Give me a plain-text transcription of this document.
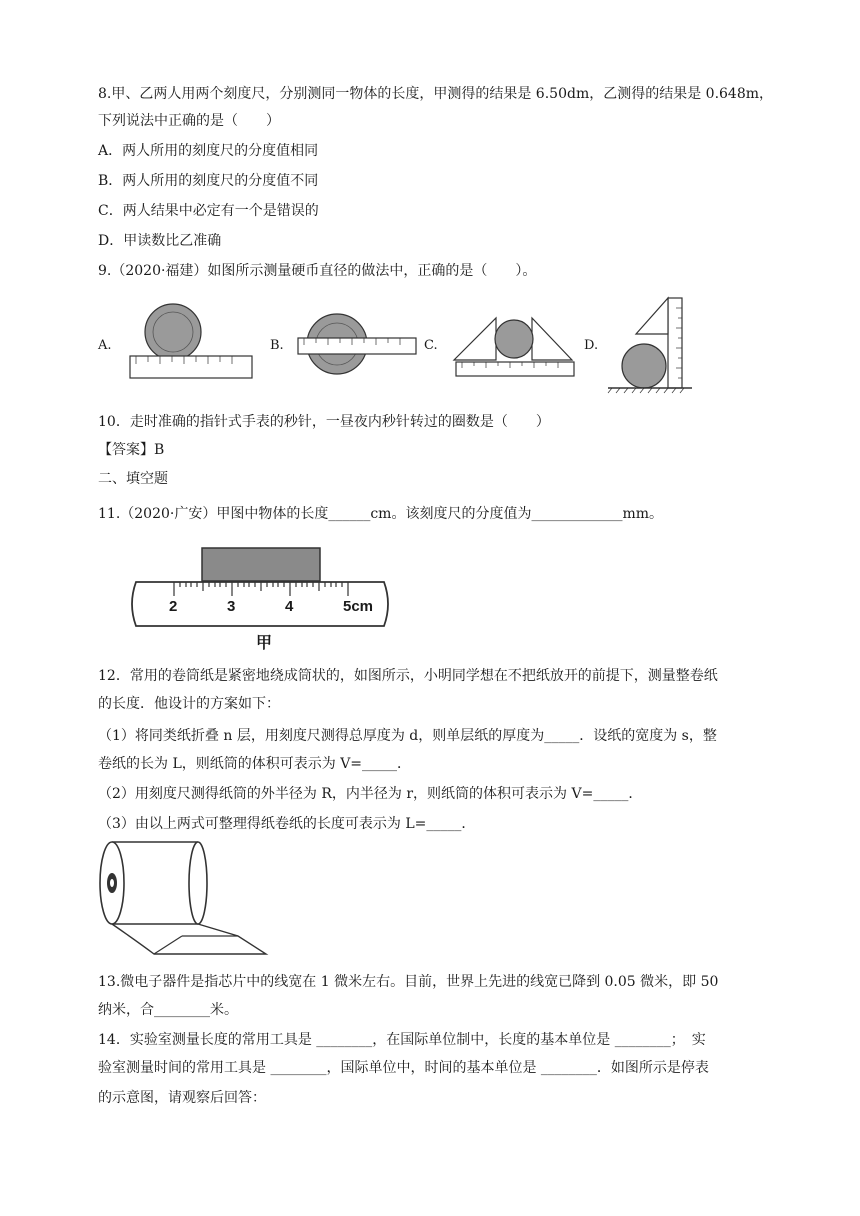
8.甲、乙两人用两个刻度尺，分别测同一物体的长度，甲测得的结果是 6.50dm，乙测得的结果是 0.648m，
下列说法中正确的是（　　）
A．两人所用的刻度尺的分度值相同
B．两人所用的刻度尺的分度值不同
C．两人结果中必定有一个是错误的
D．甲读数比乙准确
9.（2020·福建）如图所示测量硬币直径的做法中，正确的是（　　）。
A.	B.	C.	D.
10．走时准确的指针式手表的秒针，一昼夜内秒针转过的圈数是（　　）
【答案】B
二、填空题
11.（2020·广安）甲图中物体的长度______cm。该刻度尺的分度值为_____________mm。
2	3	4	5cm
甲
12．常用的卷筒纸是紧密地绕成筒状的，如图所示，小明同学想在不把纸放开的前提下，测量整卷纸
的长度．他设计的方案如下：
（1）将同类纸折叠 n 层，用刻度尺测得总厚度为 d，则单层纸的厚度为_____．设纸的宽度为 s，整
卷纸的长为 L，则纸筒的体积可表示为 V=_____．
（2）用刻度尺测得纸筒的外半径为 R，内半径为 r，则纸筒的体积可表示为 V=_____．
（3）由以上两式可整理得纸卷纸的长度可表示为 L=_____．
13.微电子器件是指芯片中的线宽在 1 微米左右。目前，世界上先进的线宽已降到 0.05 微米，即 50
纳米，合________米。
14．实验室测量长度的常用工具是 ________，在国际单位制中，长度的基本单位是 ________；　实
验室测量时间的常用工具是 ________，国际单位中，时间的基本单位是 ________．如图所示是停表
的示意图，请观察后回答：
